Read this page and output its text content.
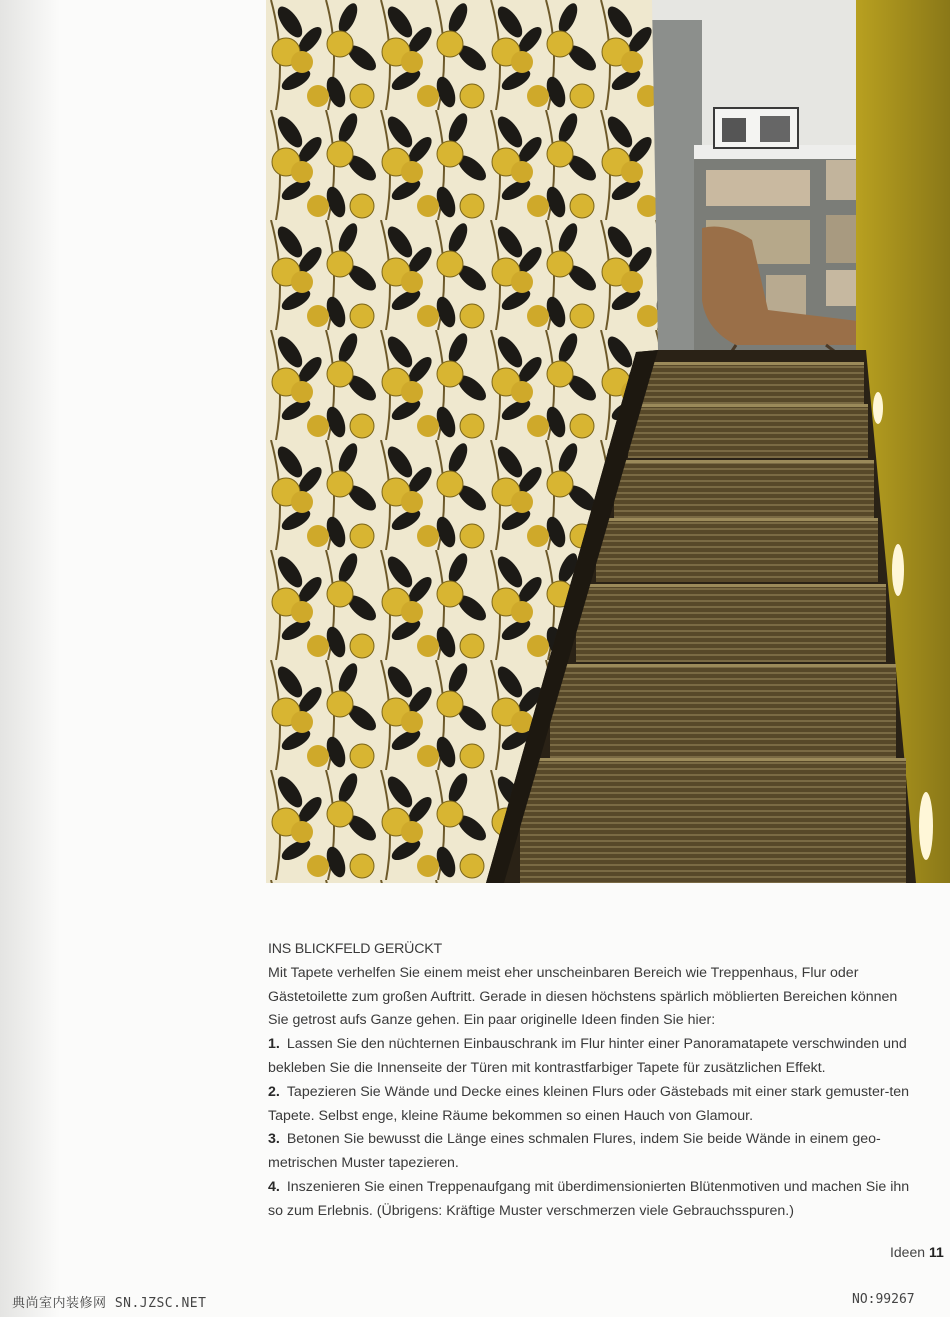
INS BLICKFELD GERÜCKT

Mit Tapete verhelfen Sie einem meist eher unscheinbaren Bereich wie Treppenhaus, Flur oder Gästetoilette zum großen Auftritt. Gerade in diesen höchstens spärlich möblierten Bereichen können Sie getrost aufs Ganze gehen. Ein paar originelle Ideen finden Sie hier:

1. Lassen Sie den nüchternen Einbauschrank im Flur hinter einer Panoramatapete verschwinden und bekleben Sie die Innenseite der Türen mit kontrastfarbiger Tapete für zusätzlichen Effekt.

2. Tapezieren Sie Wände und Decke eines kleinen Flurs oder Gästebads mit einer stark gemuster-ten Tapete. Selbst enge, kleine Räume bekommen so einen Hauch von Glamour.

3. Betonen Sie bewusst die Länge eines schmalen Flures, indem Sie beide Wände in einem geo-metrischen Muster tapezieren.

4. Inszenieren Sie einen Treppenaufgang mit überdimensionierten Blütenmotiven und machen Sie ihn so zum Erlebnis. (Übrigens: Kräftige Muster verschmerzen viele Gebrauchsspuren.)

Ideen 11
典尚室内装修网 SN.JZSC.NET	NO:99267
